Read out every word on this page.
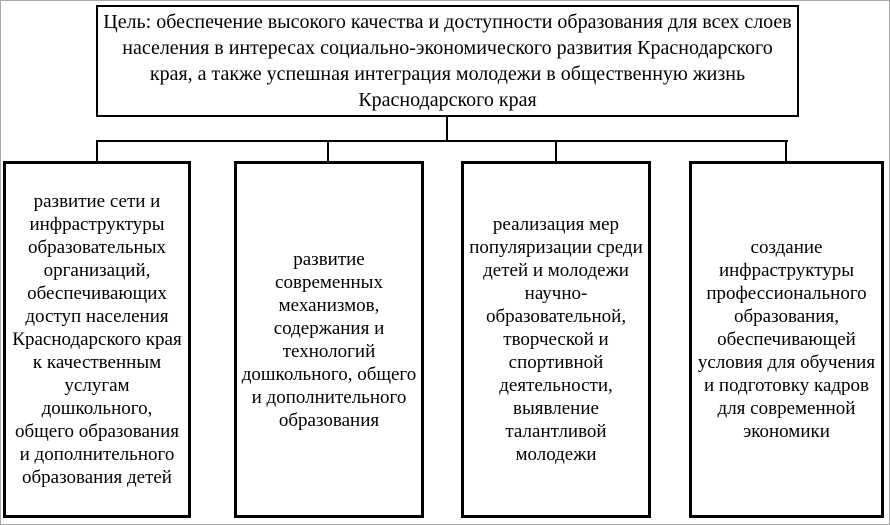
Цель: обеспечение высокого качества и доступности образования для всех слоев населения в интересах социально-экономического развития Краснодарского края, а также успешная интеграция молодежи в общественную жизнь Краснодарского края
развитие сети и инфраструктуры образовательных организаций, обеспечивающих доступ населения Краснодарского края к качественным услугам дошкольного, общего образования и дополнительного образования детей
развитие современных механизмов, содержания и технологий дошкольного, общего и дополнительного образования
реализация мер популяризации среди детей и молодежи научно-образовательной, творческой и спортивной деятельности, выявление талантливой молодежи
создание инфраструктуры профессионального образования, обеспечивающей условия для обучения и подготовку кадров для современной экономики
